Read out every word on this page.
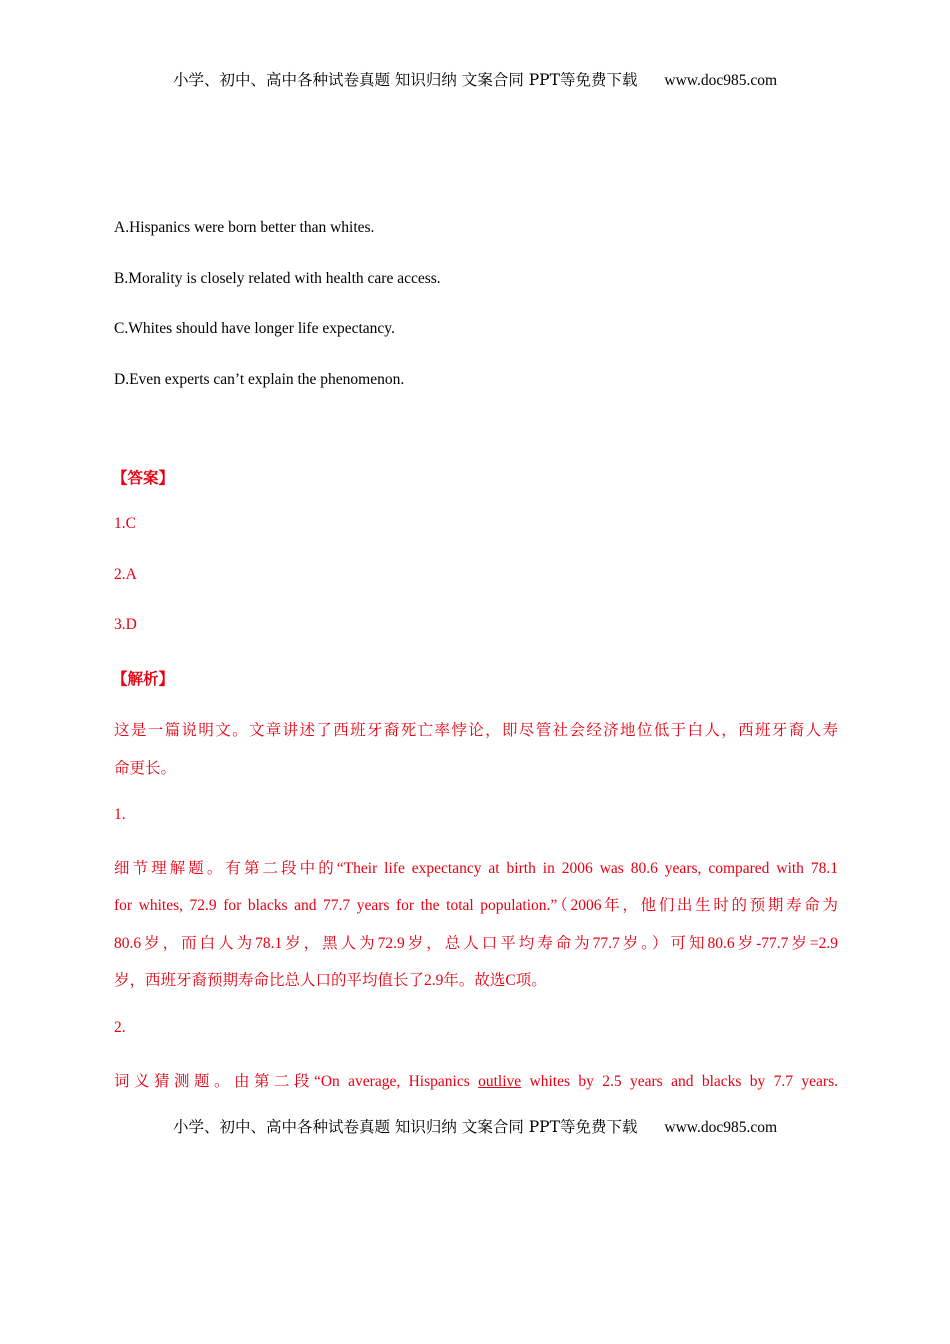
小学、初中、高中各种试卷真题 知识归纳 文案合同 PPT等免费下载 www.doc985.com
A.Hispanics were born better than whites.
B.Morality is closely related with health care access.
C.Whites should have longer life expectancy.
D.Even experts can’t explain the phenomenon.
【答案】
1.C
2.A
3.D
【解析】
这是一篇说明文。文章讲述了西班牙裔死亡率悖论，即尽管社会经济地位低于白人，西班牙裔人寿
命更长。
1.
细节理解题。有第二段中的“Their life expectancy at birth in 2006 was 80.6 years, compared with 78.1
for whites, 72.9 for blacks and 77.7 years for the total population.”（2006年，他们出生时的预期寿命为
80.6岁，而白人为78.1岁，黑人为72.9岁，总人口平均寿命为77.7岁。）可知80.6岁-77.7岁=2.9
岁，西班牙裔预期寿命比总人口的平均值长了2.9年。故选C项。
2.
词义猜测题。由第二段“On average, Hispanics outlive whites by 2.5 years and blacks by 7.7 years.
小学、初中、高中各种试卷真题 知识归纳 文案合同 PPT等免费下载 www.doc985.com
